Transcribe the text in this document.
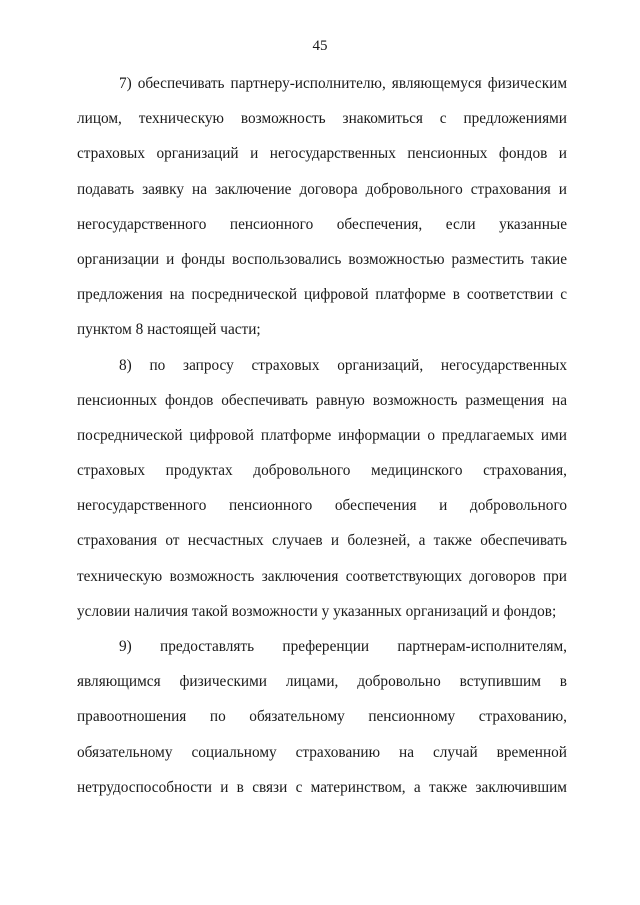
45
7) обеспечивать партнеру-исполнителю, являющемуся физическим
лицом, техническую возможность знакомиться с предложениями
страховых организаций и негосударственных пенсионных фондов и
подавать заявку на заключение договора добровольного страхования и
негосударственного пенсионного обеспечения, если указанные
организации и фонды воспользовались возможностью разместить такие
предложения на посреднической цифровой платформе в соответствии с
пунктом 8 настоящей части;
8) по запросу страховых организаций, негосударственных
пенсионных фондов обеспечивать равную возможность размещения на
посреднической цифровой платформе информации о предлагаемых ими
страховых продуктах добровольного медицинского страхования,
негосударственного пенсионного обеспечения и добровольного
страхования от несчастных случаев и болезней, а также обеспечивать
техническую возможность заключения соответствующих договоров при
условии наличия такой возможности у указанных организаций и фондов;
9) предоставлять преференции партнерам-исполнителям,
являющимся физическими лицами, добровольно вступившим в
правоотношения по обязательному пенсионному страхованию,
обязательному социальному страхованию на случай временной
нетрудоспособности и в связи с материнством, а также заключившим
